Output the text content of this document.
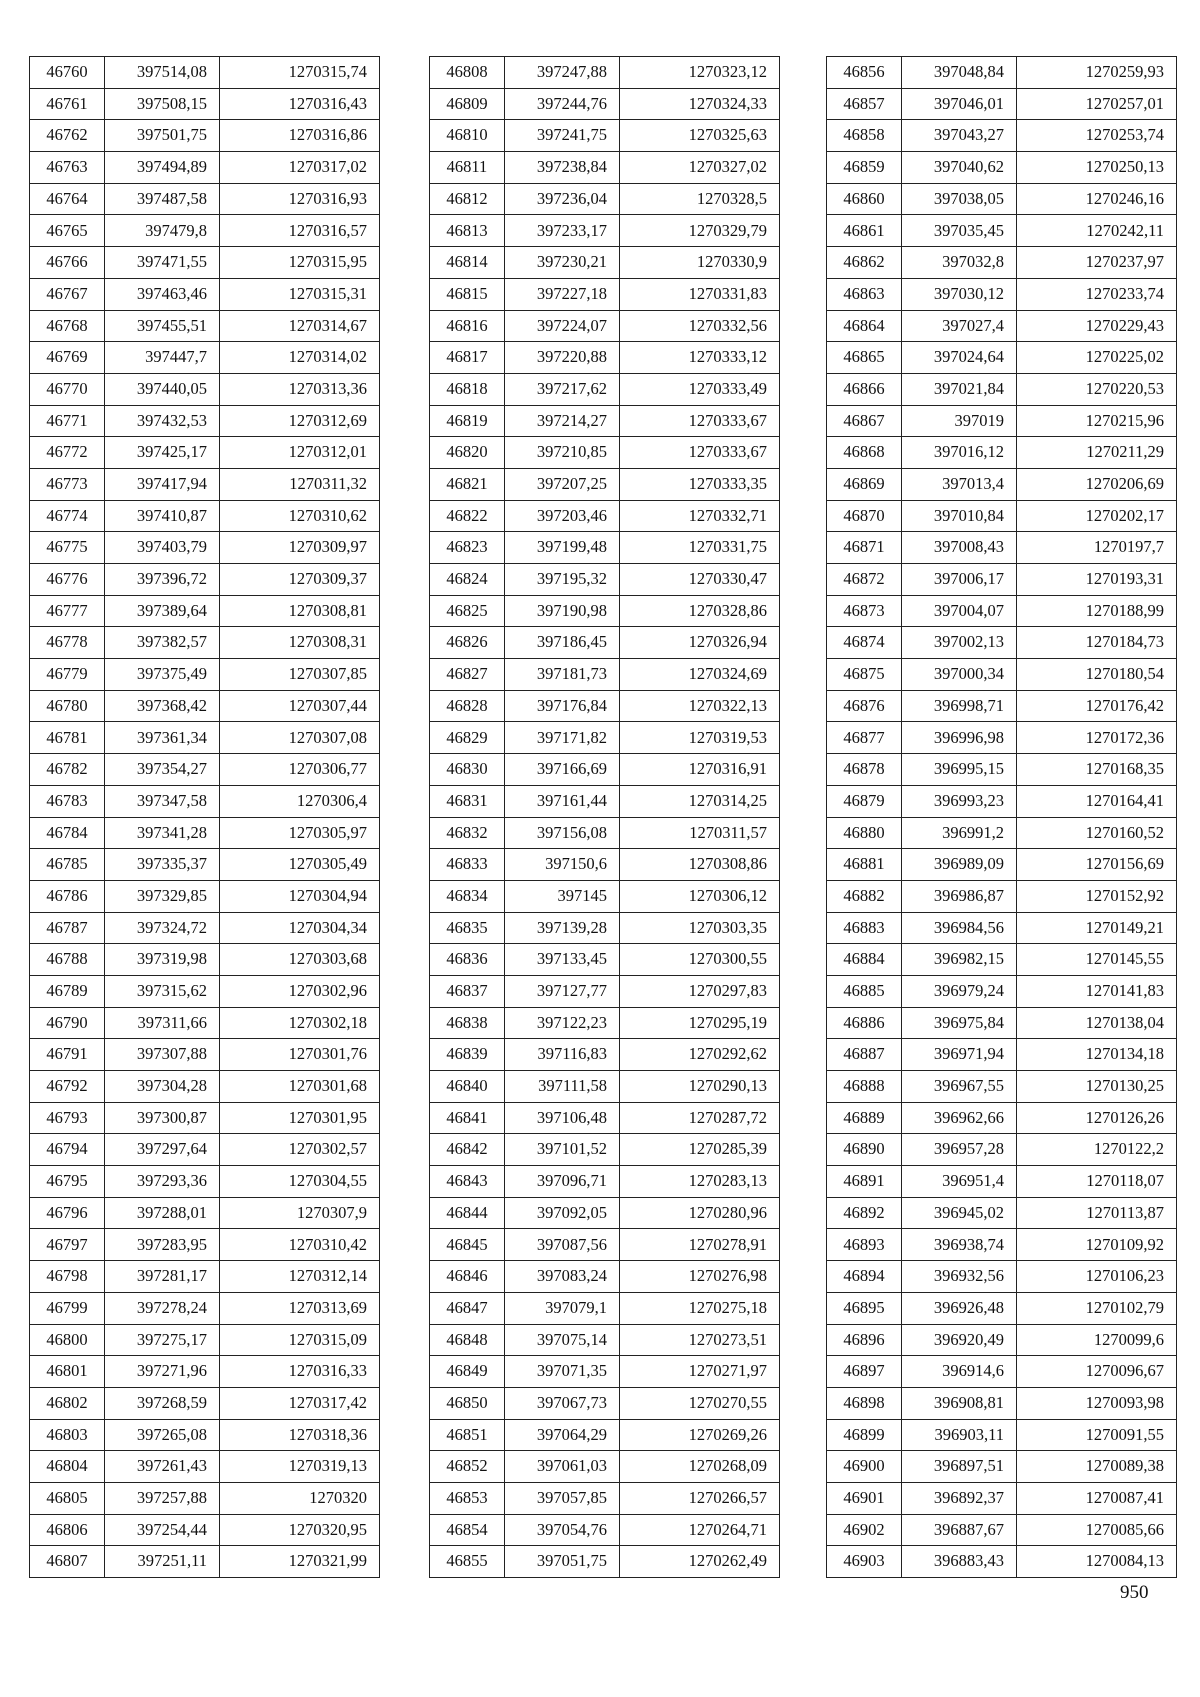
46760	397514,08	1270315,74
46761	397508,15	1270316,43
46762	397501,75	1270316,86
46763	397494,89	1270317,02
46764	397487,58	1270316,93
46765	397479,8	1270316,57
46766	397471,55	1270315,95
46767	397463,46	1270315,31
46768	397455,51	1270314,67
46769	397447,7	1270314,02
46770	397440,05	1270313,36
46771	397432,53	1270312,69
46772	397425,17	1270312,01
46773	397417,94	1270311,32
46774	397410,87	1270310,62
46775	397403,79	1270309,97
46776	397396,72	1270309,37
46777	397389,64	1270308,81
46778	397382,57	1270308,31
46779	397375,49	1270307,85
46780	397368,42	1270307,44
46781	397361,34	1270307,08
46782	397354,27	1270306,77
46783	397347,58	1270306,4
46784	397341,28	1270305,97
46785	397335,37	1270305,49
46786	397329,85	1270304,94
46787	397324,72	1270304,34
46788	397319,98	1270303,68
46789	397315,62	1270302,96
46790	397311,66	1270302,18
46791	397307,88	1270301,76
46792	397304,28	1270301,68
46793	397300,87	1270301,95
46794	397297,64	1270302,57
46795	397293,36	1270304,55
46796	397288,01	1270307,9
46797	397283,95	1270310,42
46798	397281,17	1270312,14
46799	397278,24	1270313,69
46800	397275,17	1270315,09
46801	397271,96	1270316,33
46802	397268,59	1270317,42
46803	397265,08	1270318,36
46804	397261,43	1270319,13
46805	397257,88	1270320
46806	397254,44	1270320,95
46807	397251,11	1270321,99
46808	397247,88	1270323,12
46809	397244,76	1270324,33
46810	397241,75	1270325,63
46811	397238,84	1270327,02
46812	397236,04	1270328,5
46813	397233,17	1270329,79
46814	397230,21	1270330,9
46815	397227,18	1270331,83
46816	397224,07	1270332,56
46817	397220,88	1270333,12
46818	397217,62	1270333,49
46819	397214,27	1270333,67
46820	397210,85	1270333,67
46821	397207,25	1270333,35
46822	397203,46	1270332,71
46823	397199,48	1270331,75
46824	397195,32	1270330,47
46825	397190,98	1270328,86
46826	397186,45	1270326,94
46827	397181,73	1270324,69
46828	397176,84	1270322,13
46829	397171,82	1270319,53
46830	397166,69	1270316,91
46831	397161,44	1270314,25
46832	397156,08	1270311,57
46833	397150,6	1270308,86
46834	397145	1270306,12
46835	397139,28	1270303,35
46836	397133,45	1270300,55
46837	397127,77	1270297,83
46838	397122,23	1270295,19
46839	397116,83	1270292,62
46840	397111,58	1270290,13
46841	397106,48	1270287,72
46842	397101,52	1270285,39
46843	397096,71	1270283,13
46844	397092,05	1270280,96
46845	397087,56	1270278,91
46846	397083,24	1270276,98
46847	397079,1	1270275,18
46848	397075,14	1270273,51
46849	397071,35	1270271,97
46850	397067,73	1270270,55
46851	397064,29	1270269,26
46852	397061,03	1270268,09
46853	397057,85	1270266,57
46854	397054,76	1270264,71
46855	397051,75	1270262,49
46856	397048,84	1270259,93
46857	397046,01	1270257,01
46858	397043,27	1270253,74
46859	397040,62	1270250,13
46860	397038,05	1270246,16
46861	397035,45	1270242,11
46862	397032,8	1270237,97
46863	397030,12	1270233,74
46864	397027,4	1270229,43
46865	397024,64	1270225,02
46866	397021,84	1270220,53
46867	397019	1270215,96
46868	397016,12	1270211,29
46869	397013,4	1270206,69
46870	397010,84	1270202,17
46871	397008,43	1270197,7
46872	397006,17	1270193,31
46873	397004,07	1270188,99
46874	397002,13	1270184,73
46875	397000,34	1270180,54
46876	396998,71	1270176,42
46877	396996,98	1270172,36
46878	396995,15	1270168,35
46879	396993,23	1270164,41
46880	396991,2	1270160,52
46881	396989,09	1270156,69
46882	396986,87	1270152,92
46883	396984,56	1270149,21
46884	396982,15	1270145,55
46885	396979,24	1270141,83
46886	396975,84	1270138,04
46887	396971,94	1270134,18
46888	396967,55	1270130,25
46889	396962,66	1270126,26
46890	396957,28	1270122,2
46891	396951,4	1270118,07
46892	396945,02	1270113,87
46893	396938,74	1270109,92
46894	396932,56	1270106,23
46895	396926,48	1270102,79
46896	396920,49	1270099,6
46897	396914,6	1270096,67
46898	396908,81	1270093,98
46899	396903,11	1270091,55
46900	396897,51	1270089,38
46901	396892,37	1270087,41
46902	396887,67	1270085,66
46903	396883,43	1270084,13
950
